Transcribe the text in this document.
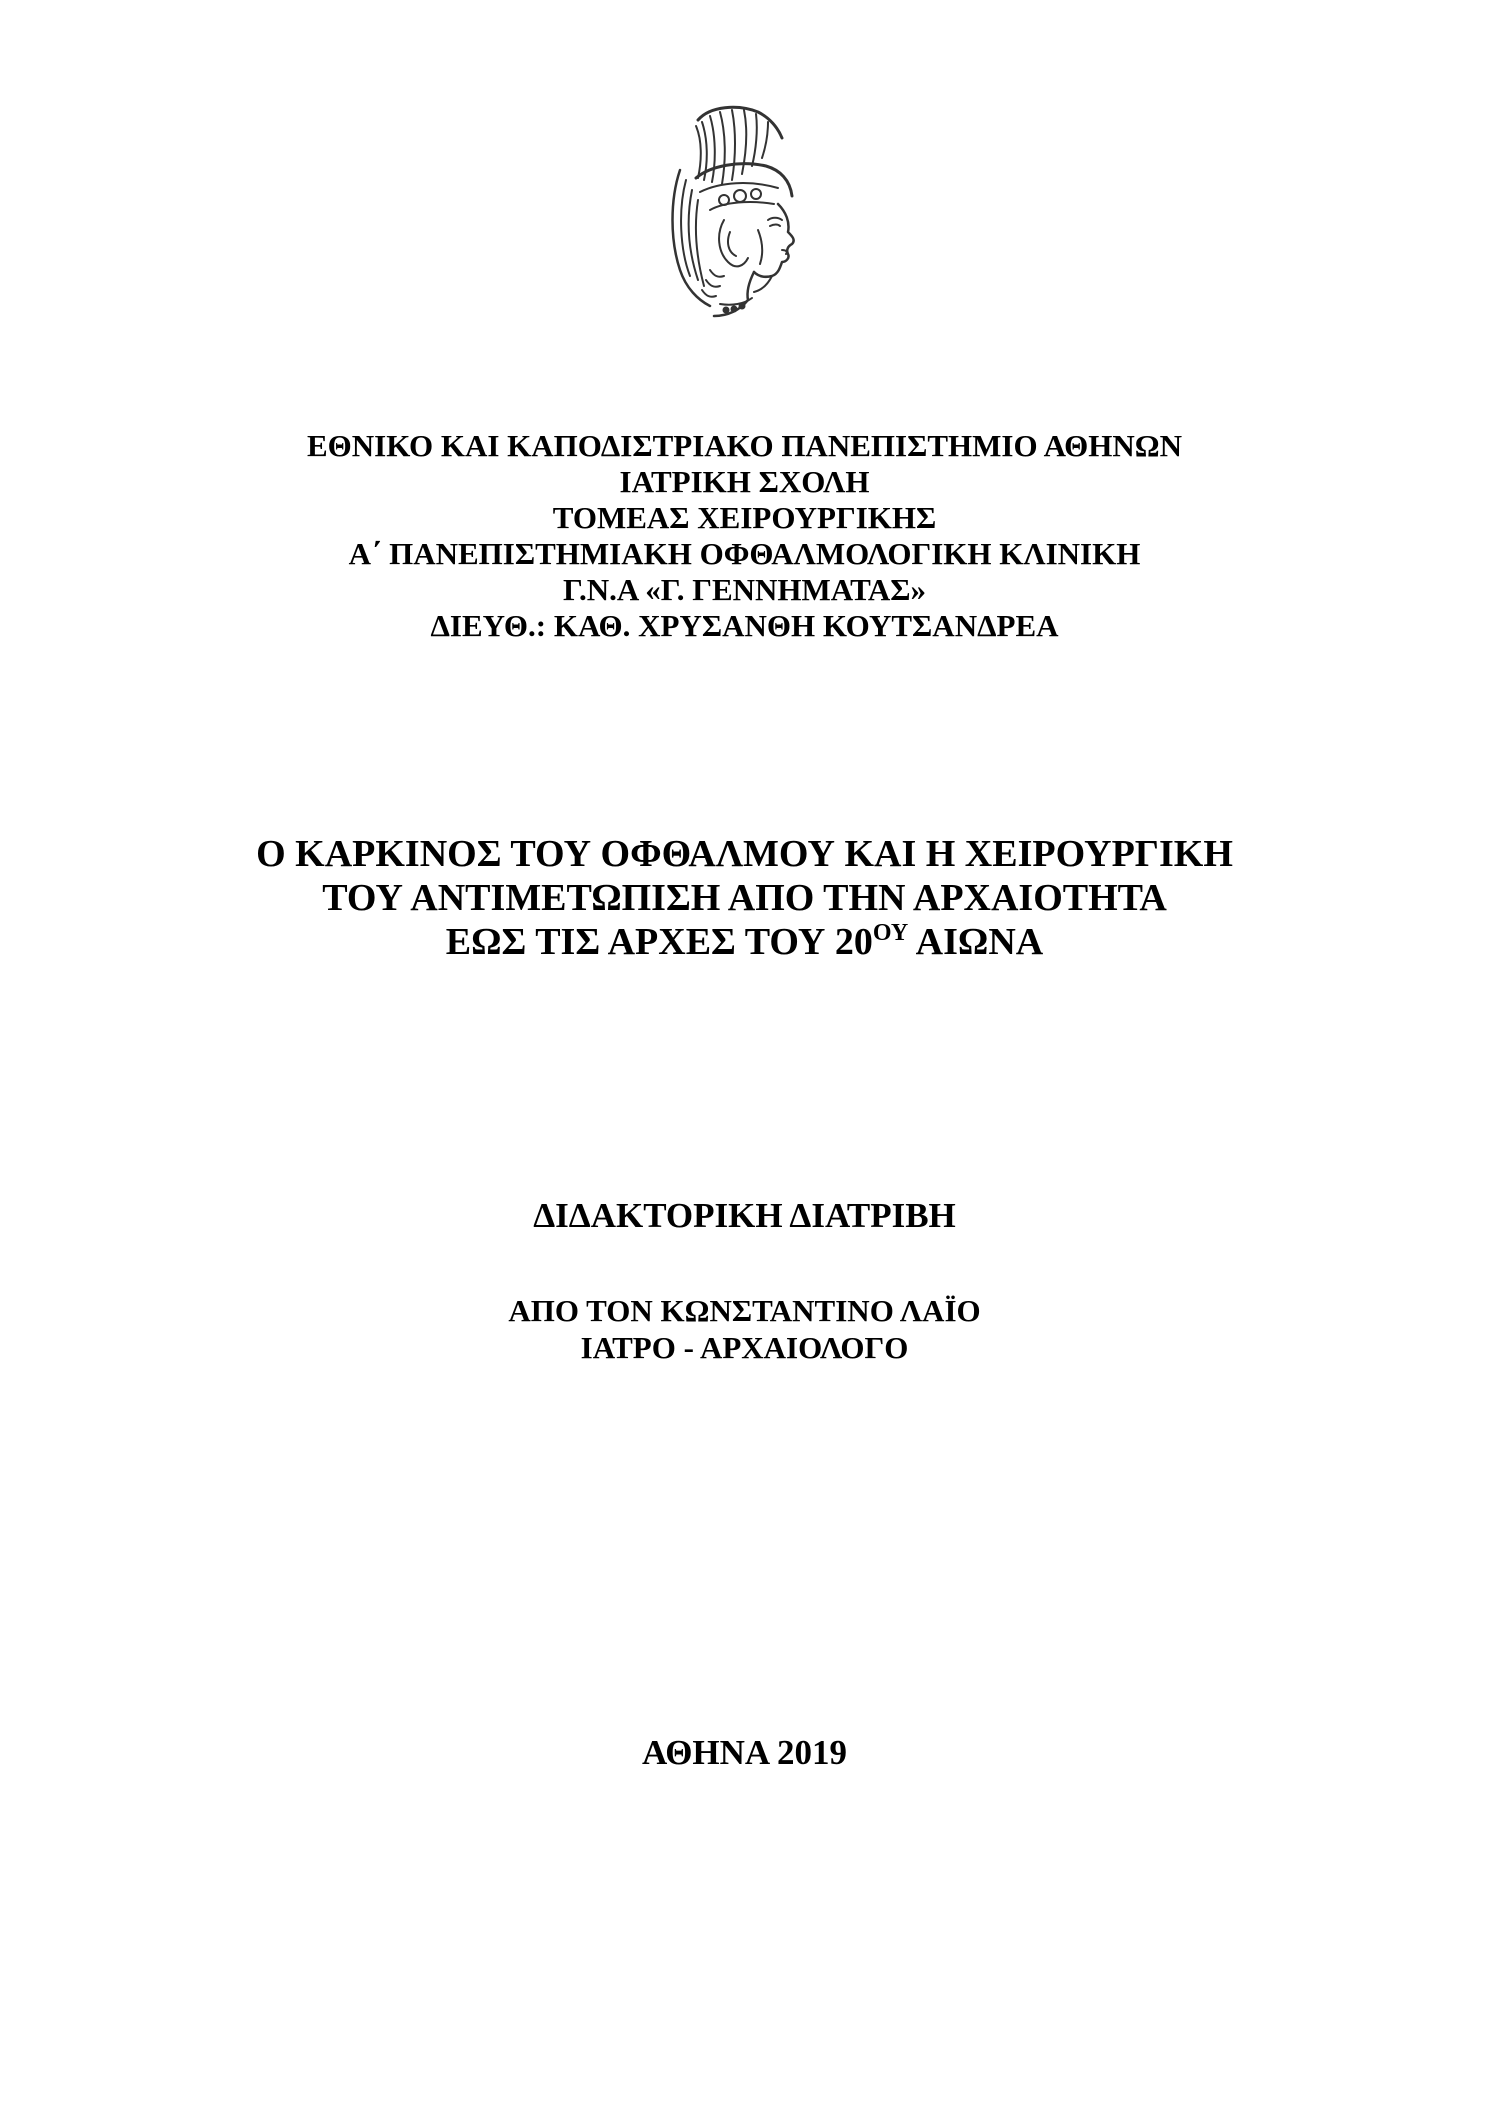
ΕΘΝΙΚΟ ΚΑΙ ΚΑΠΟΔΙΣΤΡΙΑΚΟ ΠΑΝΕΠΙΣΤΗΜΙΟ ΑΘΗΝΩΝ
ΙΑΤΡΙΚΗ ΣΧΟΛΗ
ΤΟΜΕΑΣ ΧΕΙΡΟΥΡΓΙΚΗΣ
Α΄ ΠΑΝΕΠΙΣΤΗΜΙΑΚΗ ΟΦΘΑΛΜΟΛΟΓΙΚΗ ΚΛΙΝΙΚΗ
Γ.Ν.Α «Γ. ΓΕΝΝΗΜΑΤΑΣ»
ΔΙΕΥΘ.: ΚΑΘ. ΧΡΥΣΑΝΘΗ ΚΟΥΤΣΑΝΔΡΕΑ
Ο ΚΑΡΚΙΝΟΣ ΤΟΥ ΟΦΘΑΛΜΟΥ ΚΑΙ Η ΧΕΙΡΟΥΡΓΙΚΗ
ΤΟΥ ΑΝΤΙΜΕΤΩΠΙΣΗ ΑΠΟ ΤΗΝ ΑΡΧΑΙΟΤΗΤΑ
ΕΩΣ ΤΙΣ ΑΡΧΕΣ ΤΟΥ $20^{O\Upsilon}$ ΑΙΩΝΑ
ΔΙΔΑΚΤΟΡΙΚΗ ΔΙΑΤΡΙΒΗ
ΑΠΟ ΤΟΝ ΚΩΝΣΤΑΝΤΙΝΟ ΛΑΪΟ
ΙΑΤΡΟ - ΑΡΧΑΙΟΛΟΓΟ
ΑΘΗΝΑ 2019
